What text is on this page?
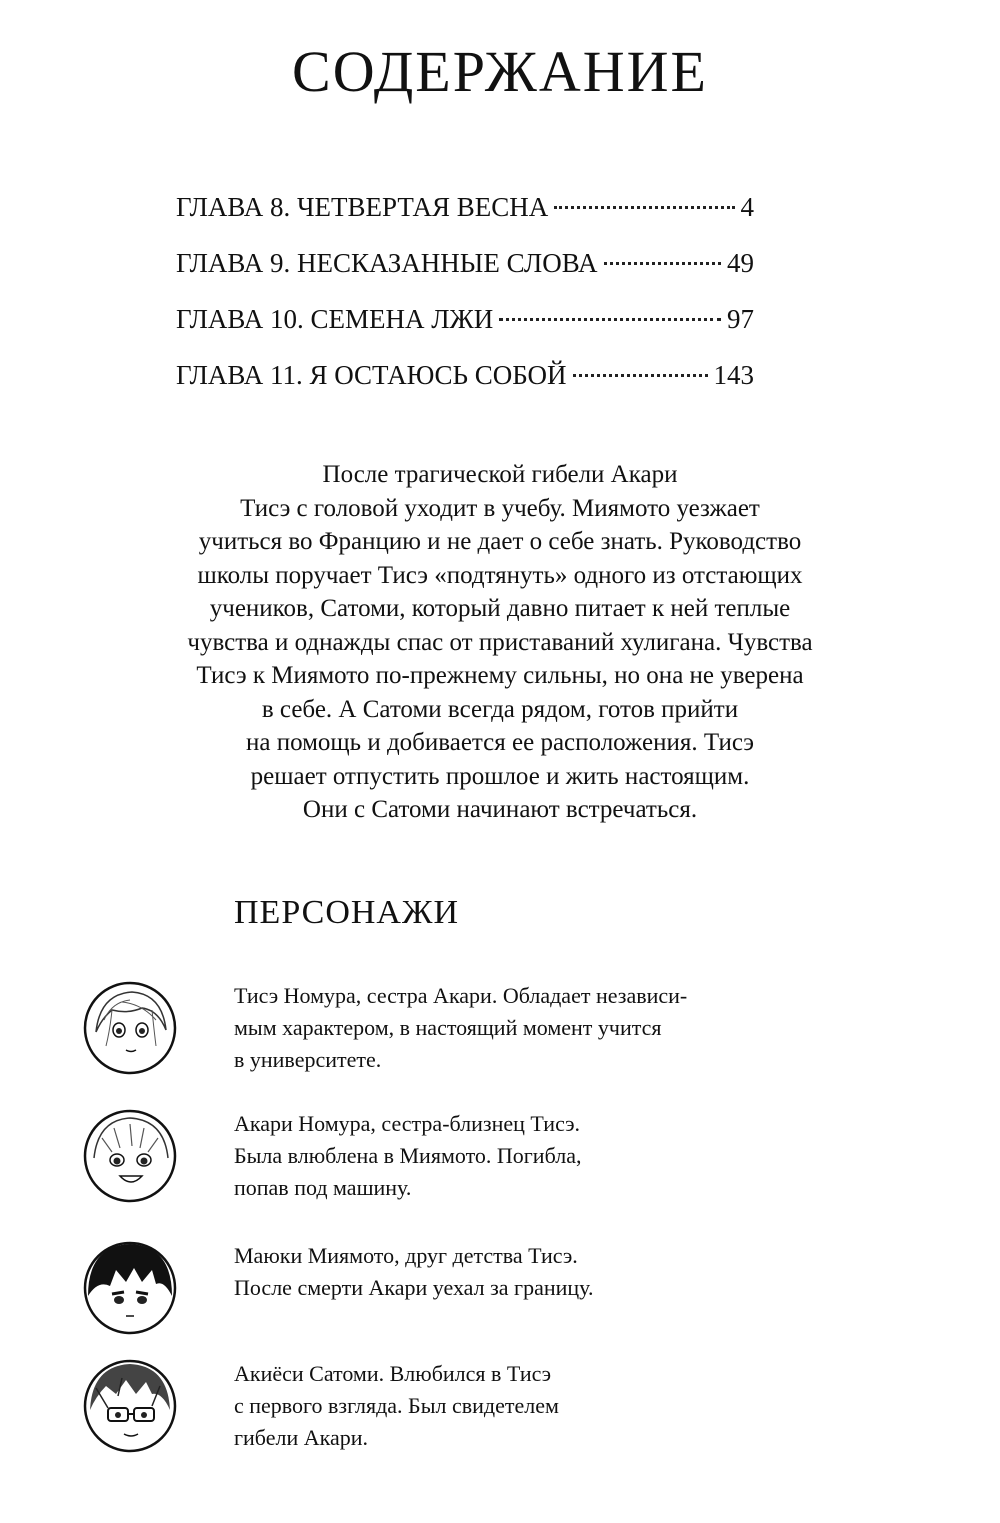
СОДЕРЖАНИЕ
ГЛАВА 8. ЧЕТВЕРТАЯ ВЕСНА	4
ГЛАВА 9. НЕСКАЗАННЫЕ СЛОВА	49
ГЛАВА 10. СЕМЕНА ЛЖИ	97
ГЛАВА 11. Я ОСТАЮСЬ СОБОЙ	143
После трагической гибели Акари
Тисэ с головой уходит в учебу. Миямото уезжает
учиться во Францию и не дает о себе знать. Руководство
школы поручает Тисэ «подтянуть» одного из отстающих
учеников, Сатоми, который давно питает к ней теплые
чувства и однажды спас от приставаний хулигана. Чувства
Тисэ к Миямото по-прежнему сильны, но она не уверена
в себе. А Сатоми всегда рядом, готов прийти
на помощь и добивается ее расположения. Тисэ
решает отпустить прошлое и жить настоящим.
Они с Сатоми начинают встречаться.
ПЕРСОНАЖИ
Тисэ Номура, сестра Акари. Обладает независи-
мым характером, в настоящий момент учится
в университете.
Акари Номура, сестра-близнец Тисэ.
Была влюблена в Миямото. Погибла,
попав под машину.
Маюки Миямото, друг детства Тисэ.
После смерти Акари уехал за границу.
Акиёси Сатоми. Влюбился в Тисэ
с первого взгляда. Был свидетелем
гибели Акари.
